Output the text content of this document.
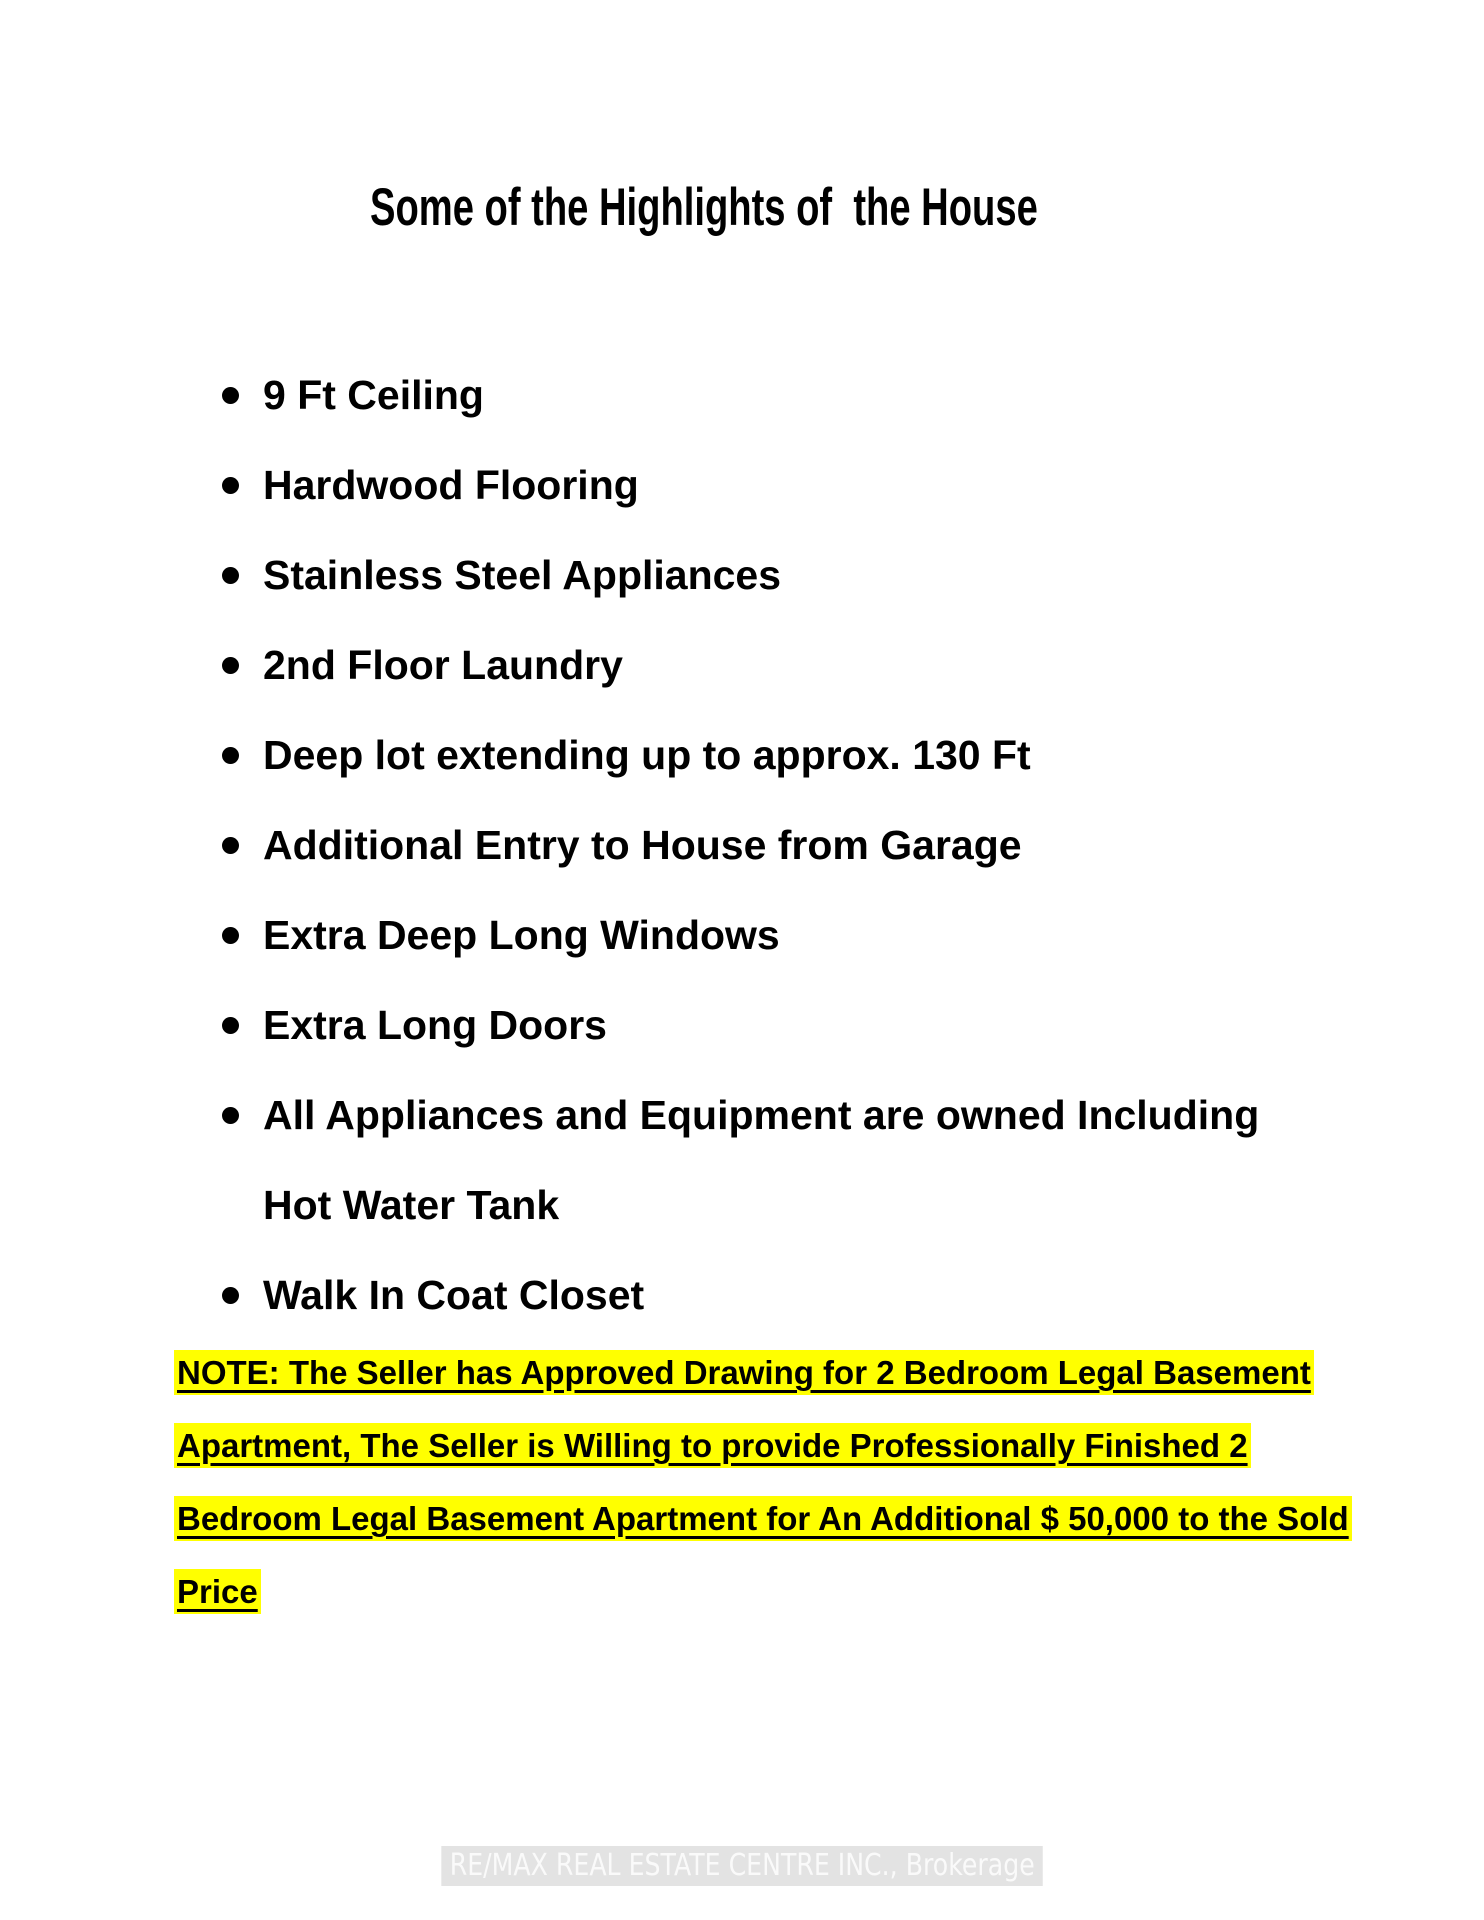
Some of the Highlights of  the House
9 Ft Ceiling
Hardwood Flooring
Stainless Steel Appliances
2nd Floor Laundry
Deep lot extending up to approx. 130 Ft
Additional Entry to House from Garage
Extra Deep Long Windows
Extra Long Doors
All Appliances and Equipment are owned Including
Hot Water Tank
Walk In Coat Closet
NOTE: The Seller has Approved Drawing for 2 Bedroom Legal Basement
Apartment, The Seller is Willing to provide Professionally Finished 2
Bedroom Legal Basement Apartment for An Additional $ 50,000 to the Sold
Price
RE/MAX REAL ESTATE CENTRE INC., Brokerage
